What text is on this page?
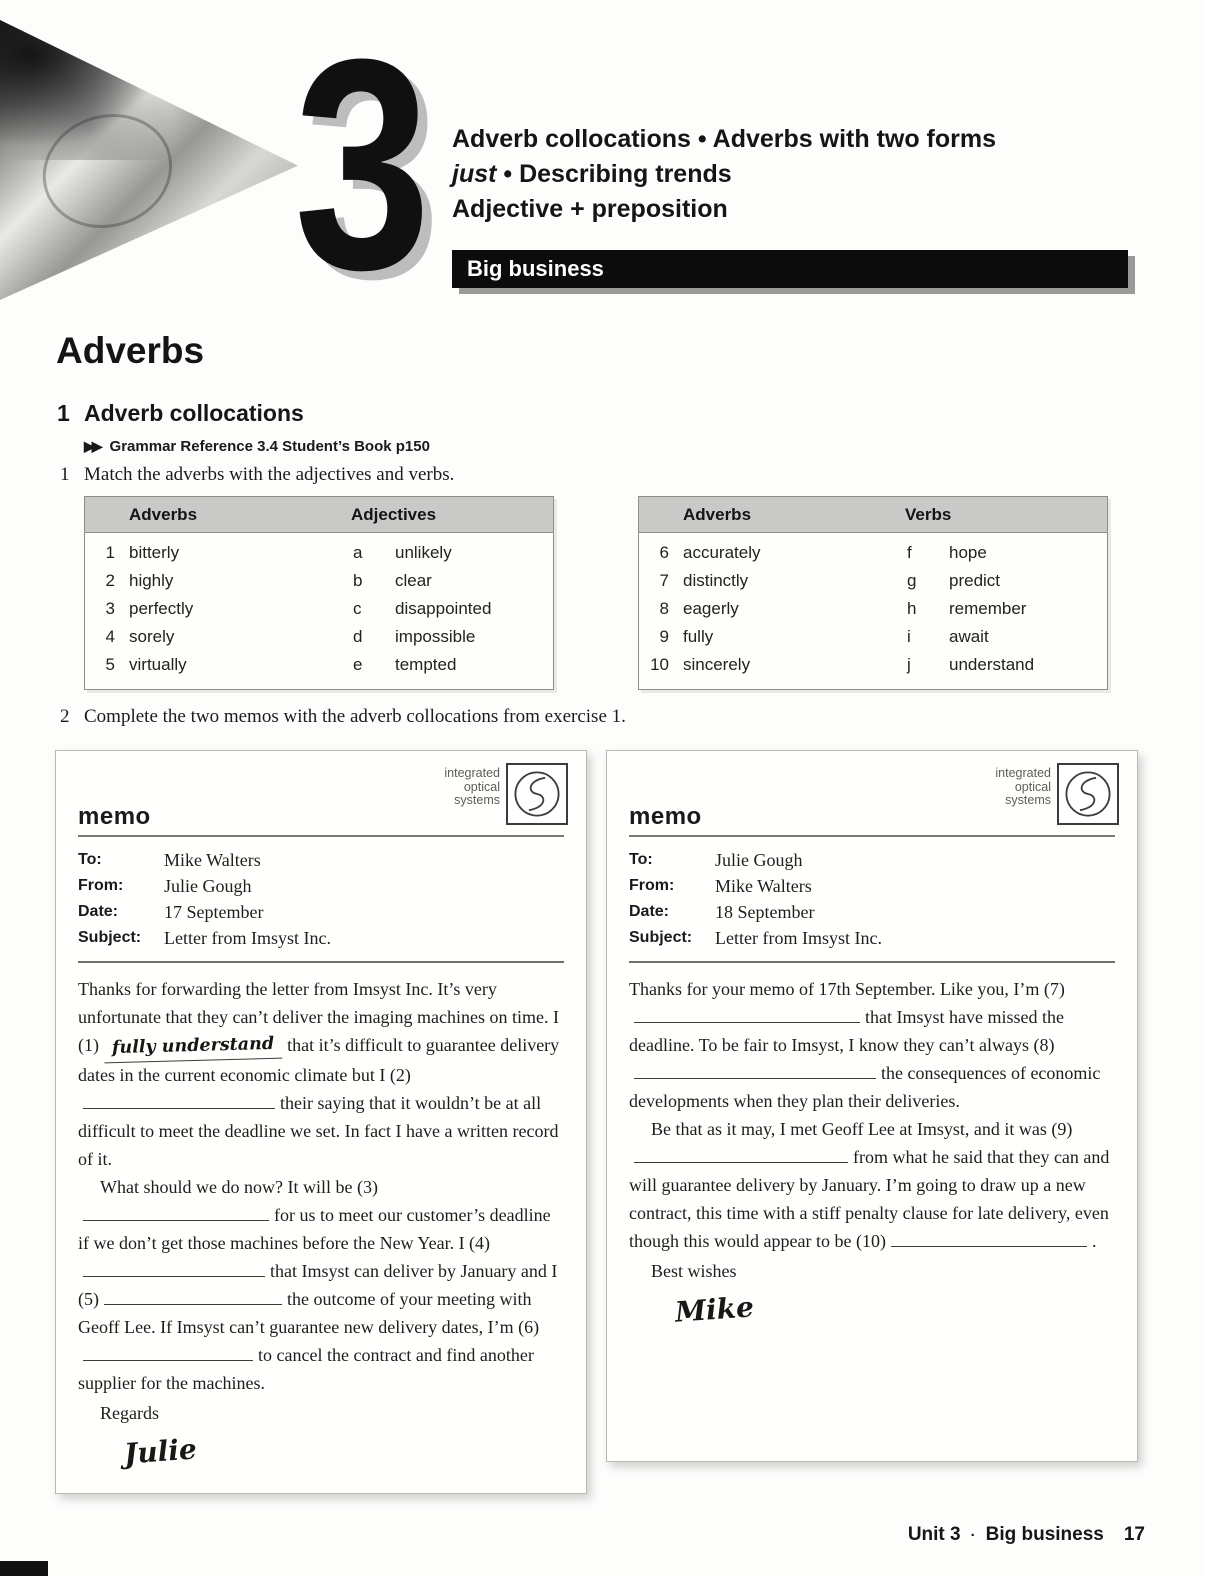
3 Adverb collocations • Adverbs with two forms
just • Describing trends
Adjective + preposition
Big business
Adverbs
1 Adverb collocations
▶▶ Grammar Reference 3.4 Student’s Book p150
1 Match the adverbs with the adjectives and verbs.
Adverbs	Adjectives
1 bitterly	a	unlikely
2 highly	b	clear
3 perfectly	c	disappointed
4 sorely	d	impossible
5 virtually	e	tempted
Adverbs	Verbs
6 accurately	f	hope
7 distinctly	g	predict
8 eagerly	h	remember
9 fully	i	await
10 sincerely	j	understand
2 Complete the two memos with the adverb collocations from exercise 1.
memo
integrated
optical
systems
To:	Mike Walters
From:	Julie Gough
Date:	17 September
Subject:	Letter from Imsyst Inc.

Thanks for forwarding the letter from Imsyst Inc. It’s very unfortunate that they can’t deliver the imaging machines on time. I (1) fully understand that it’s difficult to guarantee delivery dates in the current economic climate but I (2)their saying that it wouldn’t be at all difficult to meet the deadline we set. In fact I have a written record of it.

What should we do now? It will be (3)for us to meet our customer’s deadline if we don’t get those machines before the New Year. I (4)that Imsyst can deliver by January and I (5)	the outcome of your meeting with Geoff Lee. If Imsyst can’t guarantee new delivery dates, I’m (6)to cancel the contract and find another supplier for the machines.

Regards
Julie
memo
integrated
optical
systems
To:	Julie Gough
From:	Mike Walters
Date:	18 September
Subject:	Letter from Imsyst Inc.

Thanks for your memo of 17th September. Like you, I’m (7)that Imsyst have missed the deadline. To be fair to Imsyst, I know they can’t always (8)the consequences of economic developments when they plan their deliveries.

Be that as it may, I met Geoff Lee at Imsyst, and it was (9)from what he said that they can and will guarantee delivery by January. I’m going to draw up a new contract, this time with a stiff penalty clause for late delivery, even though this would appear to be (10)	.

Best wishes
Mike
Unit 3 · Big business 17
